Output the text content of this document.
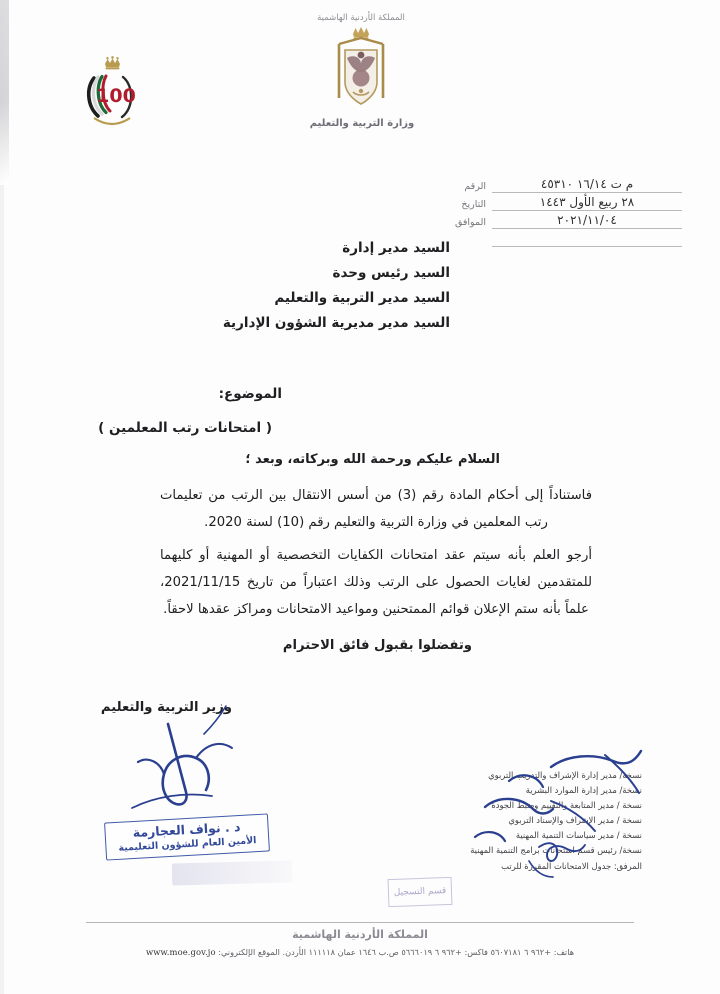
100
المملكة الأردنية الهاشمية
وزارة التربية والتعليم
الرقم	م ت ١٦/١٤ ٤٥٣١٠
التاريخ	٢٨ ربيع الأول ١٤٤٣
الموافق	٢٠٢١/١١/٠٤
السيد مدير إدارة
السيد رئيس وحدة
السيد مدير التربية والتعليم
السيد مدير مديرية الشؤون الإدارية
الموضوع:
( امتحانات رتب المعلمين )
السلام عليكم ورحمة الله وبركاته، وبعد ؛

فاستناداً إلى أحكام المادة رقم (3) من أسس الانتقال بين الرتب من تعليمات رتب المعلمين في وزارة التربية والتعليم رقم (10) لسنة 2020.

أرجو العلم بأنه سيتم عقد امتحانات الكفايات التخصصية أو المهنية أو كليهما للمتقدمين لغايات الحصول على الرتب وذلك اعتباراً من تاريخ 2021/11/15، علماً بأنه ستم الإعلان قوائم الممتحنين ومواعيد الامتحانات ومراكز عقدها لاحقاً.

وتفضلوا بقبول فائق الاحترام
وزير التربية والتعليم
د . نواف العجارمة
الأمين العام للشؤون التعليمية
نسخة/ مدير إدارة الإشراف والتدريب التربوي
نسخة/ مدير إدارة الموارد البشرية
نسخة / مدير المتابعة والتقييم وضبط الجودة
نسخة / مدير الإشراف والإسناد التربوي
نسخة / مدير سياسات التنمية المهنية
نسخة/ رئيس قسم استحانات برامج التنمية المهنية
المرفق: جدول الامتحانات المقررة للرتب
قسم التسجيل
المملكة الأردنية الهاشمية
هاتف: +٩٦٢ ٦ ٥٦٠٧١٨١ فاكس: +٩٦٢ ٦ ٥٦٦٦٠١٩ ص.ب ١٦٤٦ عمان ١١١١١٨ الأردن. الموقع الإلكتروني: www.moe.gov.jo
